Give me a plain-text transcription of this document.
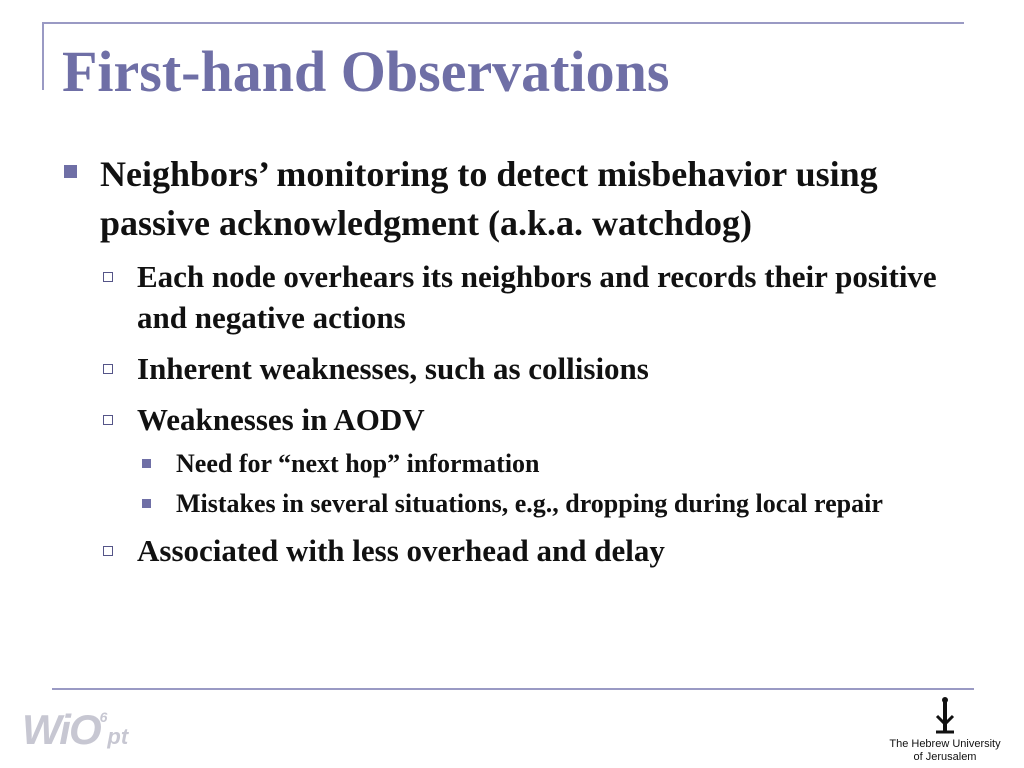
First-hand Observations
Neighbors’ monitoring to detect misbehavior using passive acknowledgment (a.k.a. watchdog)
Each node overhears its neighbors and records their positive and negative actions
Inherent weaknesses, such as collisions
Weaknesses in AODV
Need for “next hop” information
Mistakes in several situations, e.g., dropping during local repair
Associated with less overhead and delay
WiO6pt	The Hebrew University
of Jerusalem
